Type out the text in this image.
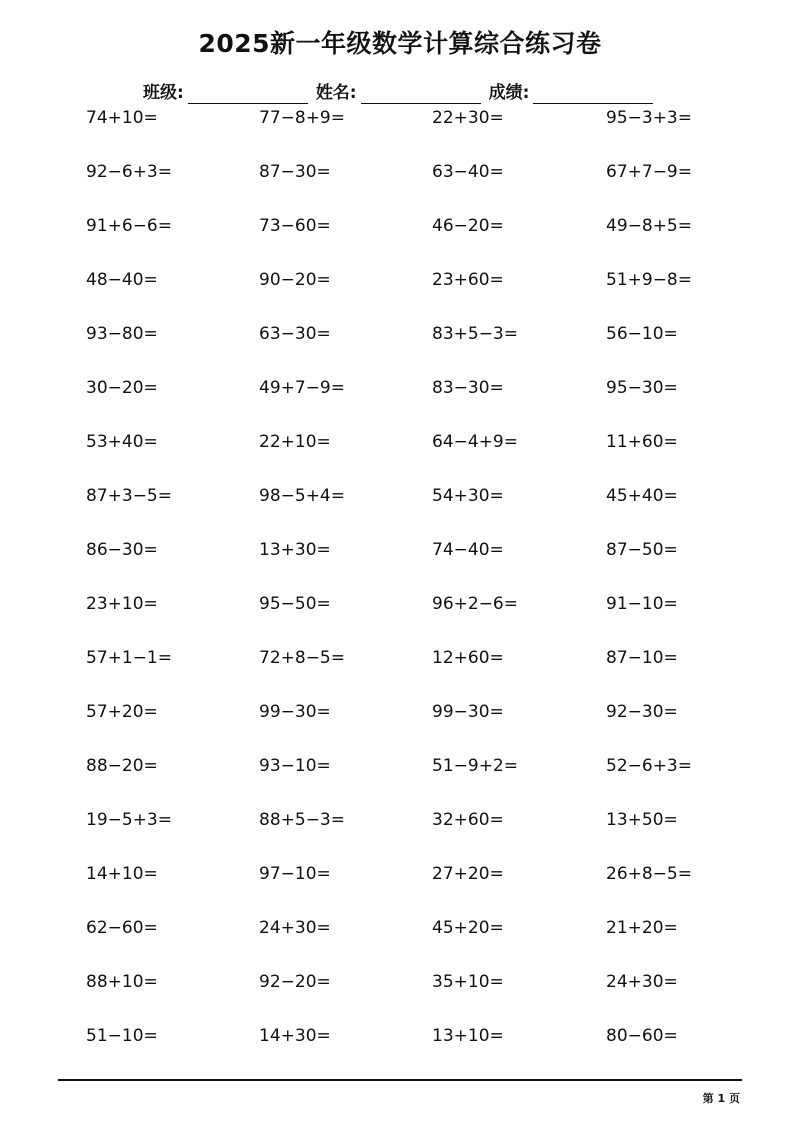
2025新一年级数学计算综合练习卷
班级:	姓名:	成绩:
74+10=	77−8+9=	22+30=	95−3+3=
92−6+3=	87−30=	63−40=	67+7−9=
91+6−6=	73−60=	46−20=	49−8+5=
48−40=	90−20=	23+60=	51+9−8=
93−80=	63−30=	83+5−3=	56−10=
30−20=	49+7−9=	83−30=	95−30=
53+40=	22+10=	64−4+9=	11+60=
87+3−5=	98−5+4=	54+30=	45+40=
86−30=	13+30=	74−40=	87−50=
23+10=	95−50=	96+2−6=	91−10=
57+1−1=	72+8−5=	12+60=	87−10=
57+20=	99−30=	99−30=	92−30=
88−20=	93−10=	51−9+2=	52−6+3=
19−5+3=	88+5−3=	32+60=	13+50=
14+10=	97−10=	27+20=	26+8−5=
62−60=	24+30=	45+20=	21+20=
88+10=	92−20=	35+10=	24+30=
51−10=	14+30=	13+10=	80−60=
第 1 页
